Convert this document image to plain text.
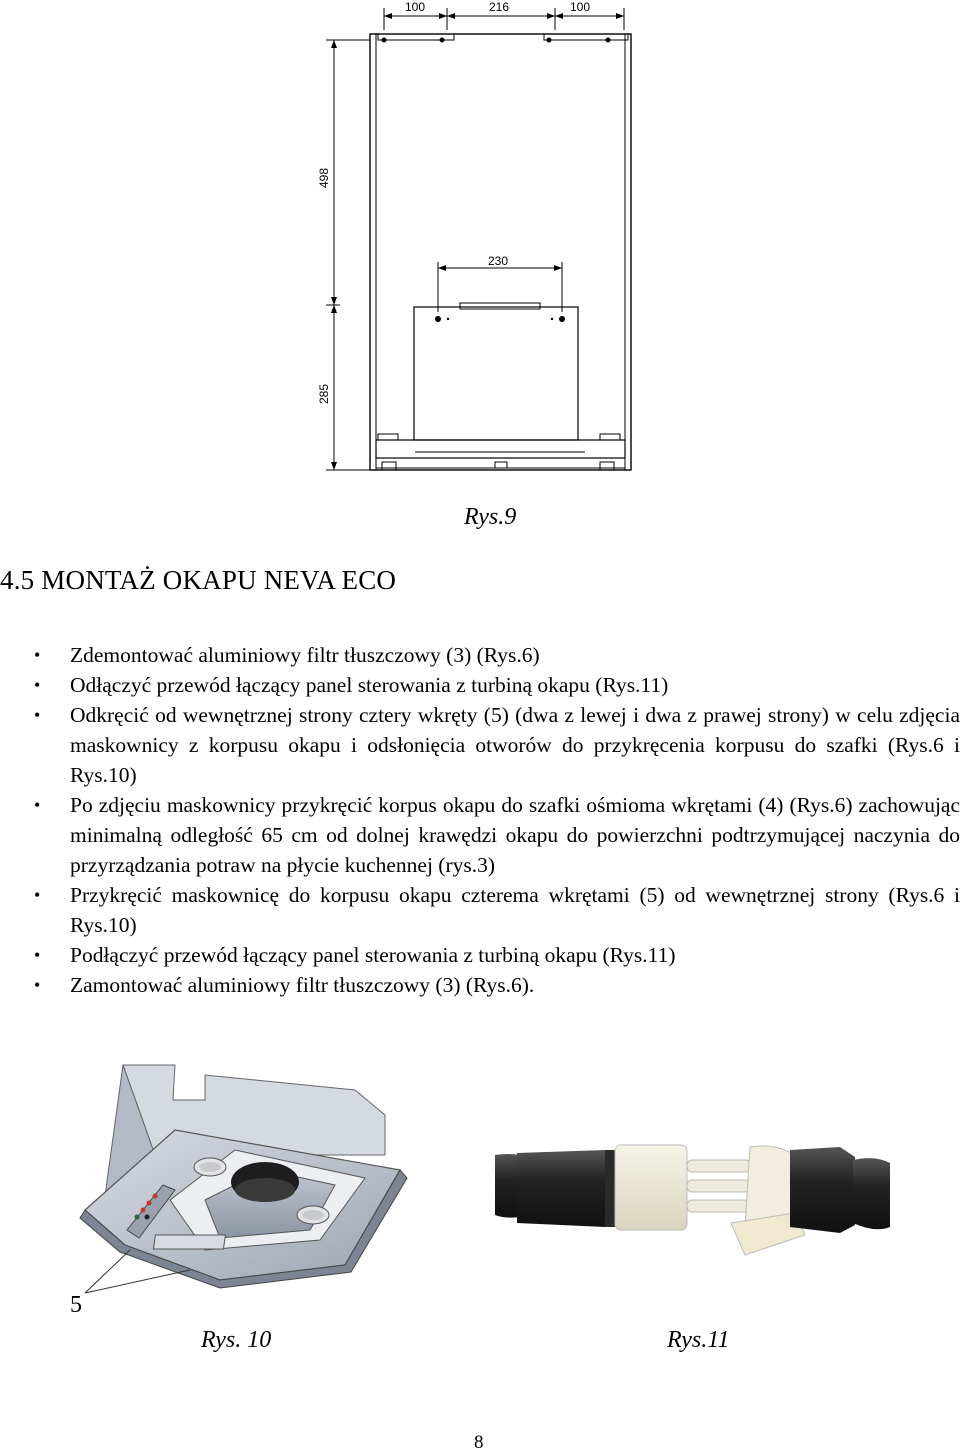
100	216	100
230
498
285
Rys.9
4.5 MONTAŻ OKAPU NEVA ECO
• Zdemontować aluminiowy filtr tłuszczowy (3) (Rys.6)
• Odłączyć przewód łączący panel sterowania z turbiną okapu (Rys.11)
• Odkręcić od wewnętrznej strony cztery wkręty (5) (dwa z lewej i dwa z prawej strony) w celu zdjęcia maskownicy z korpusu okapu i odsłonięcia otworów do przykręcenia korpusu do szafki (Rys.6 i Rys.10)
• Po zdjęciu maskownicy przykręcić korpus okapu do szafki ośmioma wkrętami (4) (Rys.6) zachowując minimalną odległość 65 cm od dolnej krawędzi okapu do powierzchni podtrzymującej naczynia do przyrządzania potraw na płycie kuchennej (rys.3)
• Przykręcić maskownicę do korpusu okapu czterema wkrętami (5) od wewnętrznej strony (Rys.6 i Rys.10)
• Podłączyć przewód łączący panel sterowania z turbiną okapu (Rys.11)
• Zamontować aluminiowy filtr tłuszczowy (3) (Rys.6).
5
Rys. 10	Rys.11
8
